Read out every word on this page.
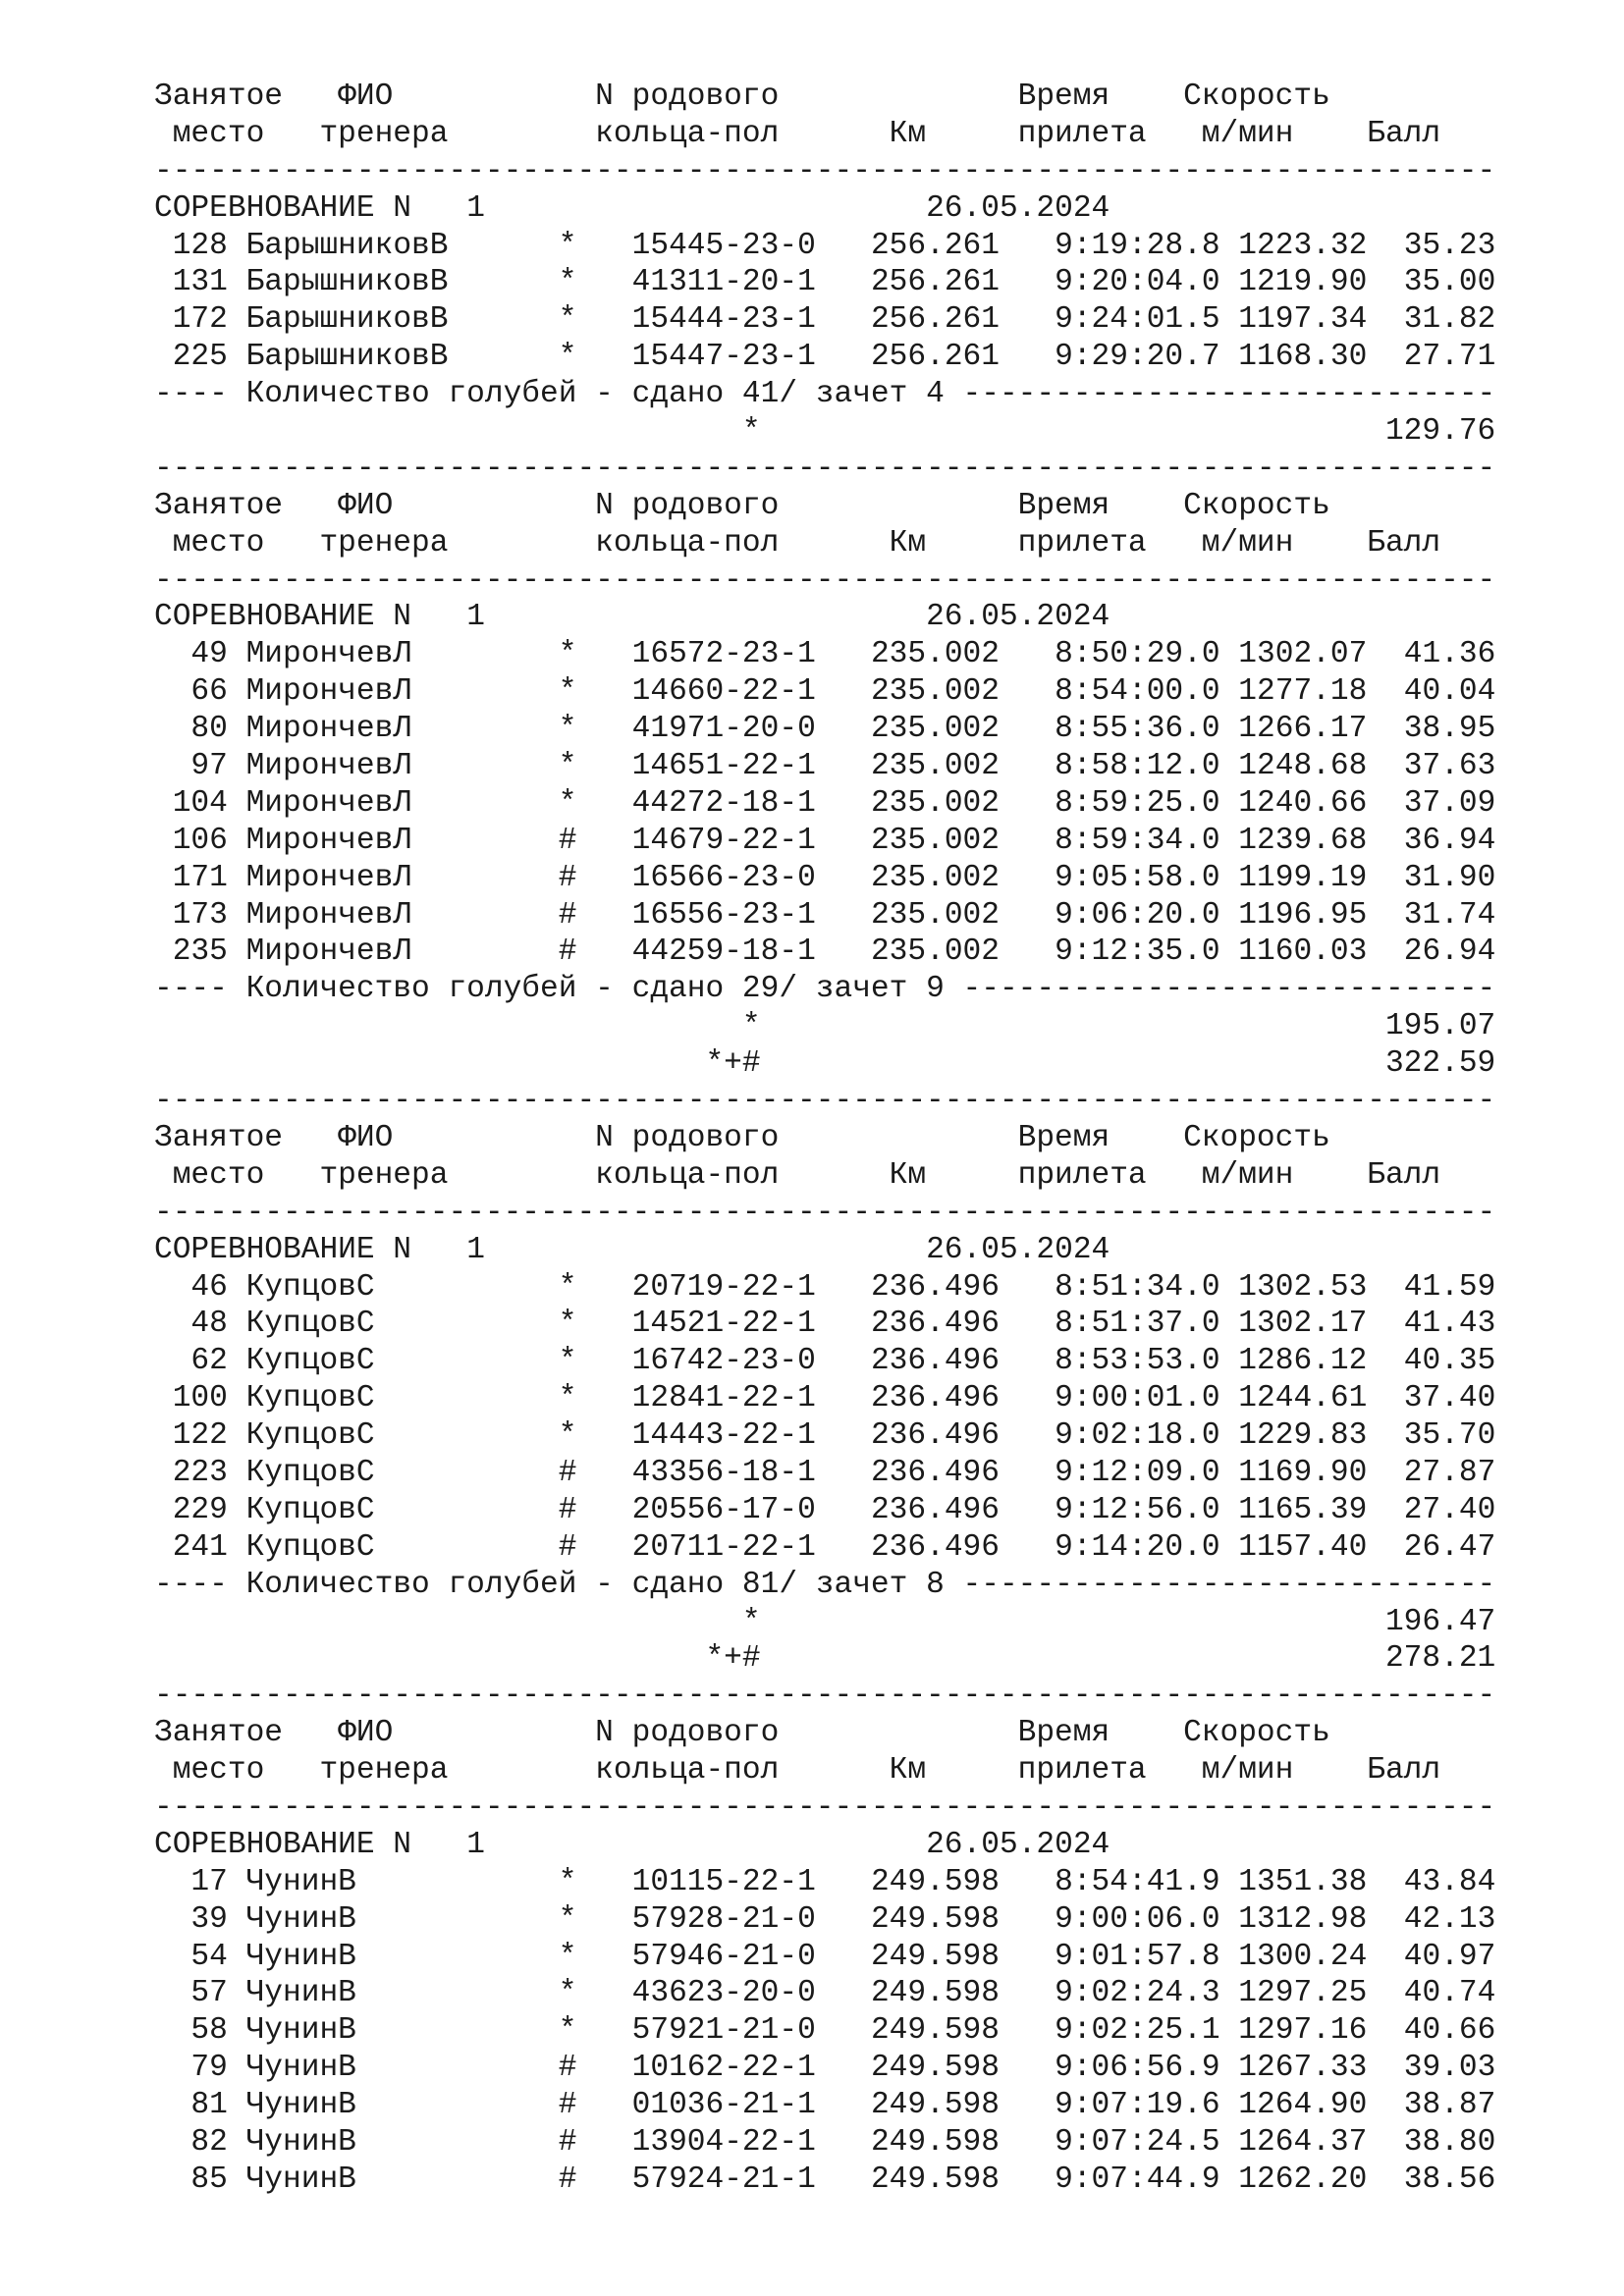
Занятое   ФИО           N родового             Время    Скорость
место   тренера        кольца-пол      Км     прилета   м/мин    Балл
-------------------------------------------------------------------------
СОРЕВНОВАНИЕ N 1	26.05.2024
128 БарышниковВ      * 15445-23-0 256.261 9:19:28.8 1223.32 35.23
131 БарышниковВ      * 41311-20-1 256.261 9:20:04.0 1219.90 35.00
172 БарышниковВ      * 15444-23-1 256.261 9:24:01.5 1197.34 31.82
225 БарышниковВ      * 15447-23-1 256.261 9:29:20.7 1168.30 27.71
---- Количество голубей - сдано 41/ зачет 4 -----------------------------
*	129.76
-------------------------------------------------------------------------
Занятое   ФИО           N родового             Время    Скорость
место   тренера        кольца-пол      Км     прилета   м/мин    Балл
-------------------------------------------------------------------------
СОРЕВНОВАНИЕ N 1	26.05.2024
49 МирончевЛ        * 16572-23-1 235.002 8:50:29.0 1302.07 41.36
66 МирончевЛ        * 14660-22-1 235.002 8:54:00.0 1277.18 40.04
80 МирончевЛ        * 41971-20-0 235.002 8:55:36.0 1266.17 38.95
97 МирончевЛ        * 14651-22-1 235.002 8:58:12.0 1248.68 37.63
104 МирончевЛ        * 44272-18-1 235.002 8:59:25.0 1240.66 37.09
106 МирончевЛ        # 14679-22-1 235.002 8:59:34.0 1239.68 36.94
171 МирончевЛ        # 16566-23-0 235.002 9:05:58.0 1199.19 31.90
173 МирончевЛ        # 16556-23-1 235.002 9:06:20.0 1196.95 31.74
235 МирончевЛ        # 44259-18-1 235.002 9:12:35.0 1160.03 26.94
---- Количество голубей - сдано 29/ зачет 9 -----------------------------
*	195.07
*+#	322.59
-------------------------------------------------------------------------
Занятое   ФИО           N родового             Время    Скорость
место   тренера        кольца-пол      Км     прилета   м/мин    Балл
-------------------------------------------------------------------------
СОРЕВНОВАНИЕ N 1	26.05.2024
46 КупцовС          * 20719-22-1 236.496 8:51:34.0 1302.53 41.59
48 КупцовС          * 14521-22-1 236.496 8:51:37.0 1302.17 41.43
62 КупцовС          * 16742-23-0 236.496 8:53:53.0 1286.12 40.35
100 КупцовС          * 12841-22-1 236.496 9:00:01.0 1244.61 37.40
122 КупцовС          * 14443-22-1 236.496 9:02:18.0 1229.83 35.70
223 КупцовС          # 43356-18-1 236.496 9:12:09.0 1169.90 27.87
229 КупцовС          # 20556-17-0 236.496 9:12:56.0 1165.39 27.40
241 КупцовС          # 20711-22-1 236.496 9:14:20.0 1157.40 26.47
---- Количество голубей - сдано 81/ зачет 8 -----------------------------
*	196.47
*+#	278.21
-------------------------------------------------------------------------
Занятое   ФИО           N родового             Время    Скорость
место   тренера        кольца-пол      Км     прилета   м/мин    Балл
-------------------------------------------------------------------------
СОРЕВНОВАНИЕ N 1	26.05.2024
17 ЧунинВ           * 10115-22-1 249.598 8:54:41.9 1351.38 43.84
39 ЧунинВ           * 57928-21-0 249.598 9:00:06.0 1312.98 42.13
54 ЧунинВ           * 57946-21-0 249.598 9:01:57.8 1300.24 40.97
57 ЧунинВ           * 43623-20-0 249.598 9:02:24.3 1297.25 40.74
58 ЧунинВ           * 57921-21-0 249.598 9:02:25.1 1297.16 40.66
79 ЧунинВ           # 10162-22-1 249.598 9:06:56.9 1267.33 39.03
81 ЧунинВ           # 01036-21-1 249.598 9:07:19.6 1264.90 38.87
82 ЧунинВ           # 13904-22-1 249.598 9:07:24.5 1264.37 38.80
85 ЧунинВ           # 57924-21-1 249.598 9:07:44.9 1262.20 38.56
